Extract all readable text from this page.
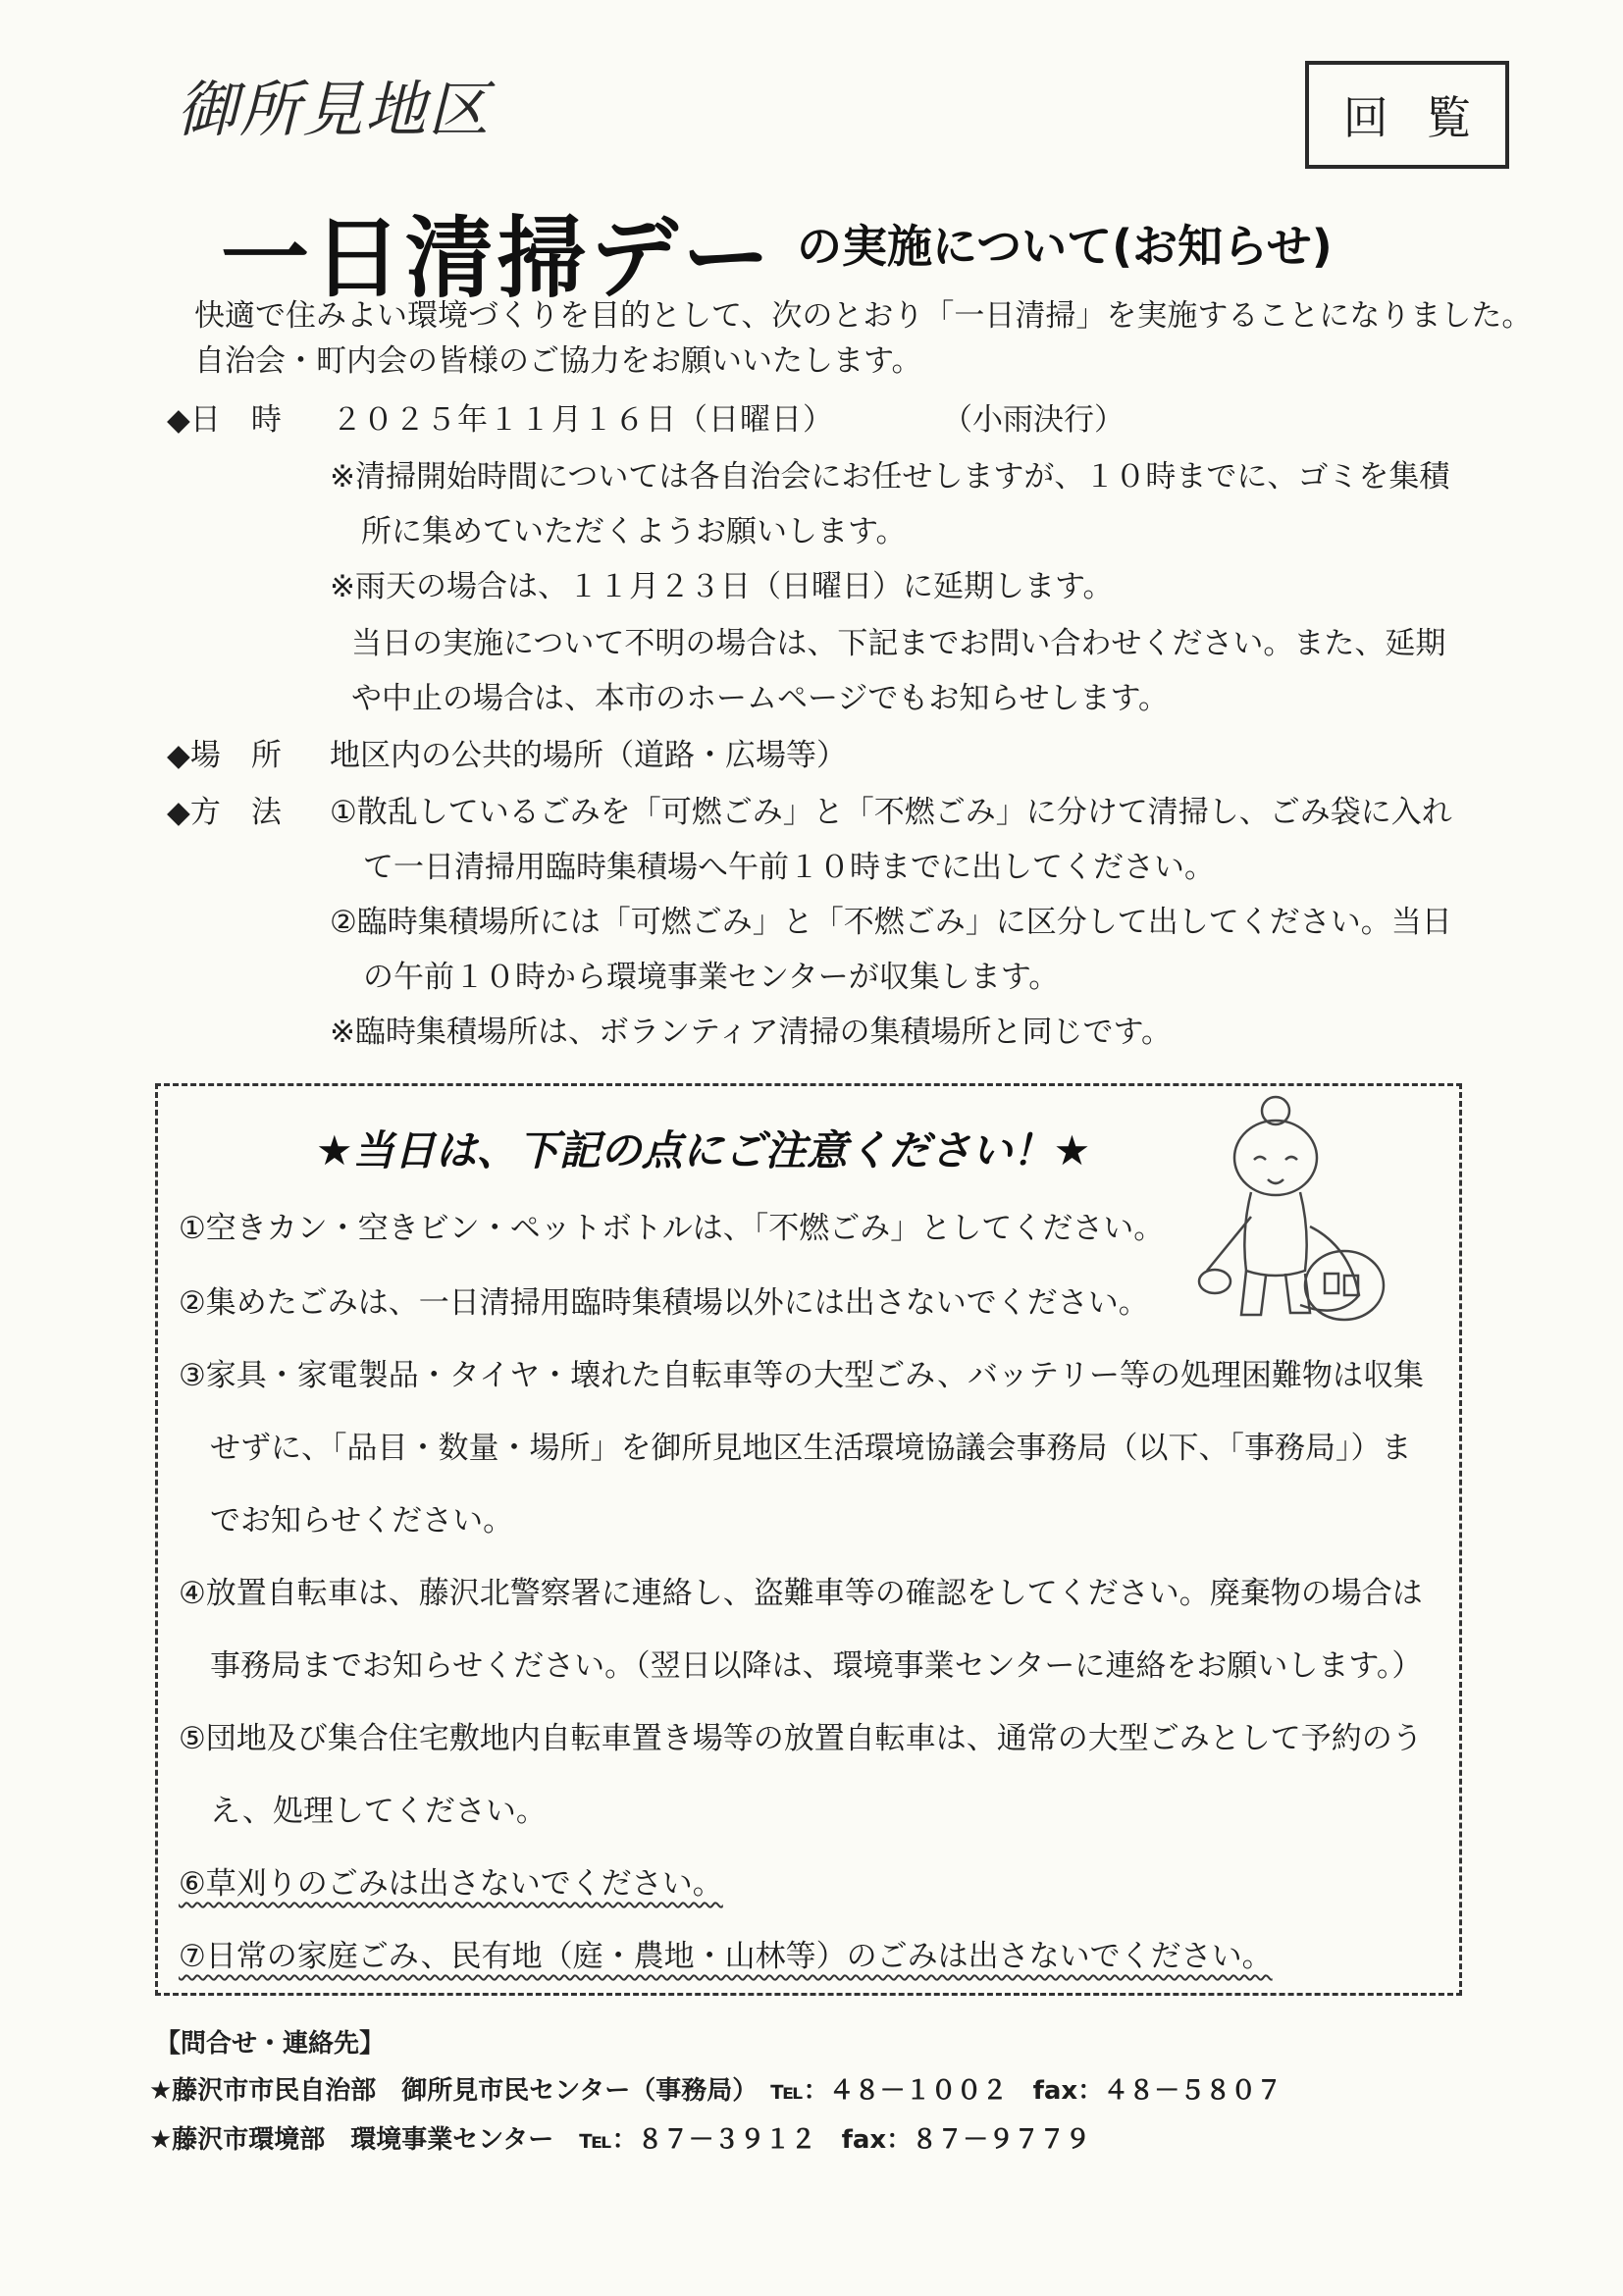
御所見地区	回 覧
一日清掃デー の実施について(お知らせ)
快適で住みよい環境づくりを目的として、次のとおり「一日清掃」を実施することになりました。
自治会・町内会の皆様のご協力をお願いいたします。
◆日　時 ２０２５年１１月１６日（日曜日）	（小雨決行）
※清掃開始時間については各自治会にお任せしますが、１０時までに、ゴミを集積
所に集めていただくようお願いします。
※雨天の場合は、１１月２３日（日曜日）に延期します。
当日の実施について不明の場合は、下記までお問い合わせください。また、延期
や中止の場合は、本市のホームページでもお知らせします。
◆場　所 地区内の公共的場所（道路・広場等）
◆方　法 ①散乱しているごみを「可燃ごみ」と「不燃ごみ」に分けて清掃し、ごみ袋に入れ
て一日清掃用臨時集積場へ午前１０時までに出してください。
②臨時集積場所には「可燃ごみ」と「不燃ごみ」に区分して出してください。当日
の午前１０時から環境事業センターが収集します。
※臨時集積場所は、ボランティア清掃の集積場所と同じです。
★当日は、下記の点にご注意ください！★
①空きカン・空きビン・ペットボトルは、「不燃ごみ」としてください。
②集めたごみは、一日清掃用臨時集積場以外には出さないでください。
③家具・家電製品・タイヤ・壊れた自転車等の大型ごみ、バッテリー等の処理困難物は収集
せずに、「品目・数量・場所」を御所見地区生活環境協議会事務局（以下、「事務局」）ま
でお知らせください。
④放置自転車は、藤沢北警察署に連絡し、盗難車等の確認をしてください。廃棄物の場合は
事務局までお知らせください。（翌日以降は、環境事業センターに連絡をお願いします。）
⑤団地及び集合住宅敷地内自転車置き場等の放置自転車は、通常の大型ごみとして予約のう
え、処理してください。
⑥草刈りのごみは出さないでください。
⑦日常の家庭ごみ、民有地（庭・農地・山林等）のごみは出さないでください。
【問合せ・連絡先】
★藤沢市市民自治部　御所見市民センター（事務局）　℡：４８－１００２　fax：４８－５８０７
★藤沢市環境部　環境事業センター　℡：８７－３９１２　fax：８７－９７７９
